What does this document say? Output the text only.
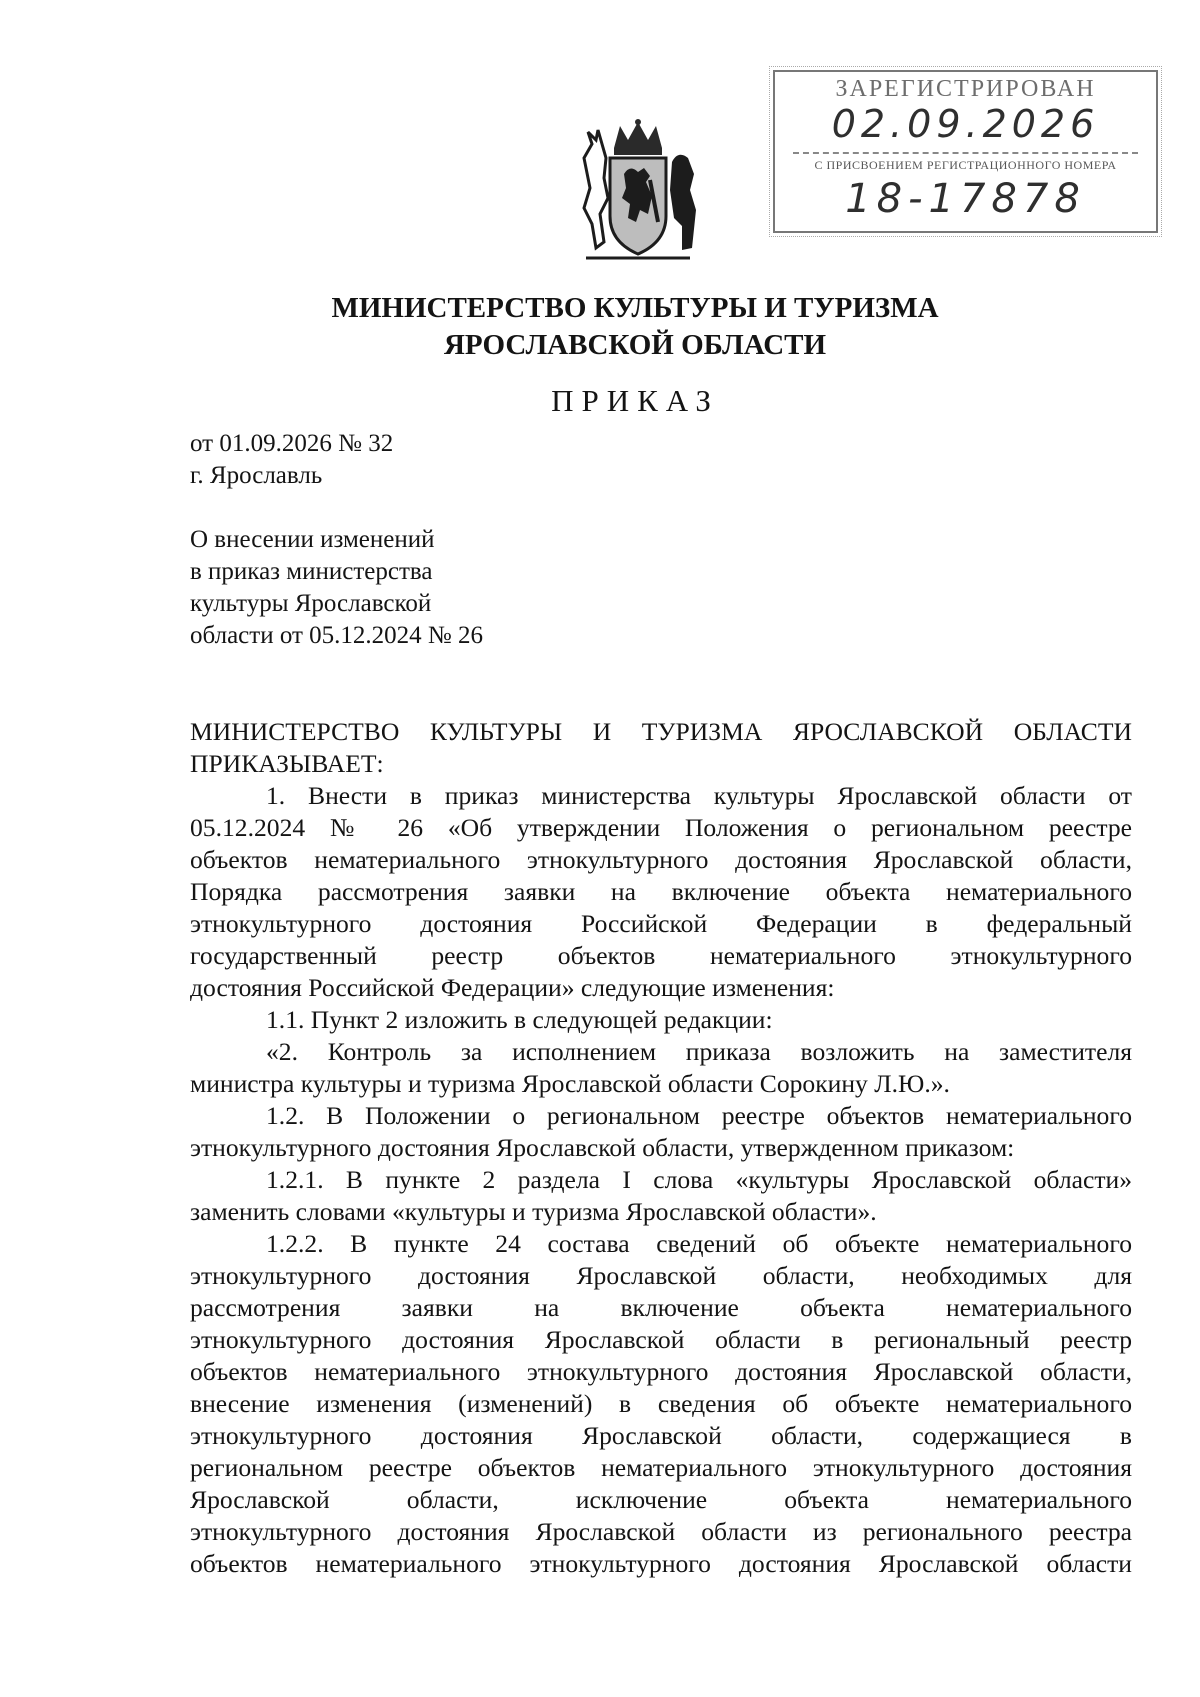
ЗАРЕГИСТРИРОВАН
02.09.2026
С ПРИСВОЕНИЕМ РЕГИСТРАЦИОННОГО НОМЕРА
18-17878
МИНИСТЕРСТВО КУЛЬТУРЫ И ТУРИЗМА
ЯРОСЛАВСКОЙ ОБЛАСТИ
ПРИКАЗ
от 01.09.2026 № 32
г. Ярославль
О внесении изменений
в приказ министерства
культуры Ярославской
области от 05.12.2024 № 26
МИНИСТЕРСТВО КУЛЬТУРЫ И ТУРИЗМА ЯРОСЛАВСКОЙ ОБЛАСТИ
ПРИКАЗЫВАЕТ:
1. Внести в приказ министерства культуры Ярославской области от
05.12.2024 № 26 «Об утверждении Положения о региональном реестре
объектов нематериального этнокультурного достояния Ярославской области,
Порядка рассмотрения заявки на включение объекта нематериального
этнокультурного достояния Российской Федерации в федеральный
государственный реестр объектов нематериального этнокультурного
достояния Российской Федерации» следующие изменения:
1.1. Пункт 2 изложить в следующей редакции:
«2. Контроль за исполнением приказа возложить на заместителя
министра культуры и туризма Ярославской области Сорокину Л.Ю.».
1.2. В Положении о региональном реестре объектов нематериального
этнокультурного достояния Ярославской области, утвержденном приказом:
1.2.1. В пункте 2 раздела I слова «культуры Ярославской области»
заменить словами «культуры и туризма Ярославской области».
1.2.2. В пункте 24 состава сведений об объекте нематериального
этнокультурного достояния Ярославской области, необходимых для
рассмотрения заявки на включение объекта нематериального
этнокультурного достояния Ярославской области в региональный реестр
объектов нематериального этнокультурного достояния Ярославской области,
внесение изменения (изменений) в сведения об объекте нематериального
этнокультурного достояния Ярославской области, содержащиеся в
региональном реестре объектов нематериального этнокультурного достояния
Ярославской области, исключение объекта нематериального
этнокультурного достояния Ярославской области из регионального реестра
объектов нематериального этнокультурного достояния Ярославской области
